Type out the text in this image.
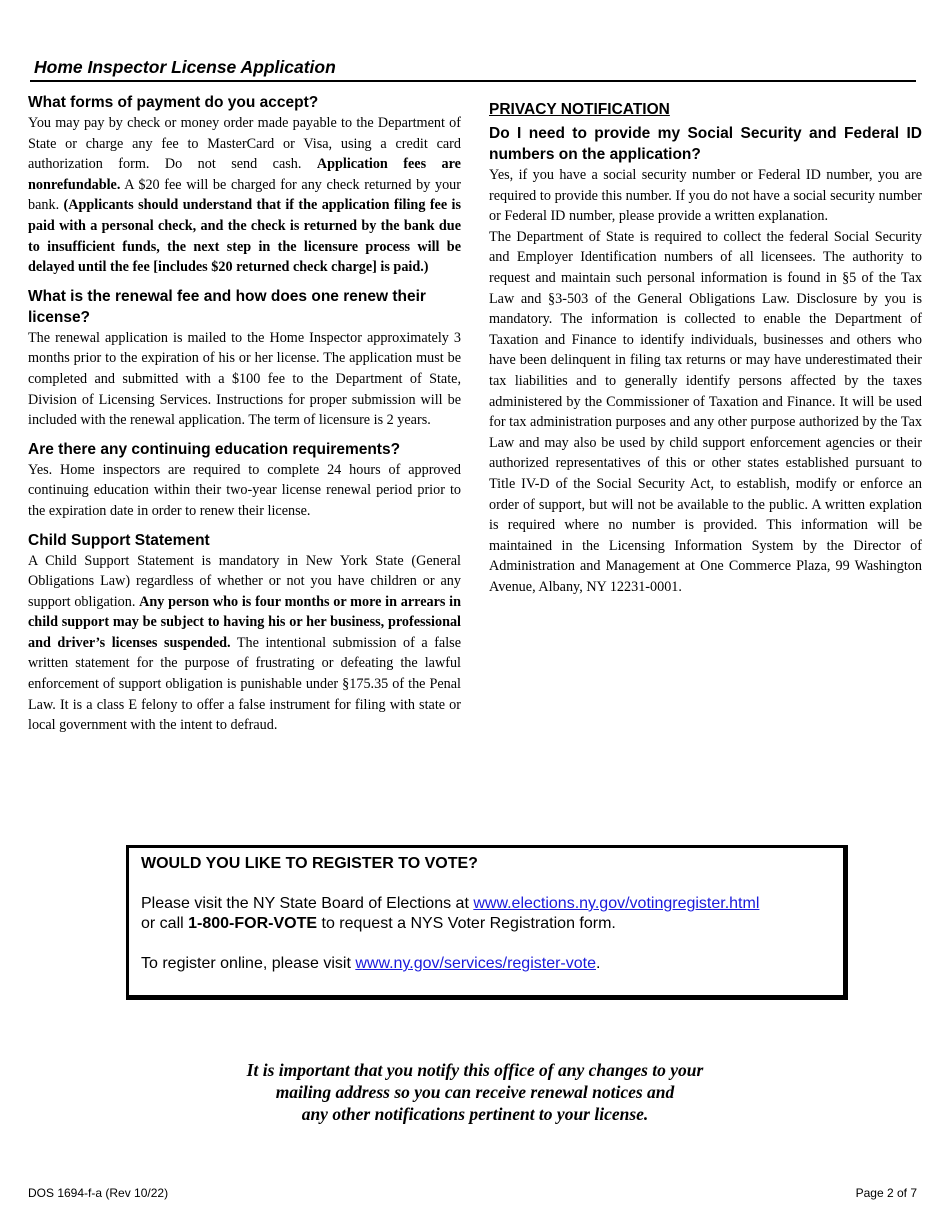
Home Inspector License Application

What forms of payment do you accept?

You may pay by check or money order made payable to the Department of State or charge any fee to MasterCard or Visa, using a credit card authorization form. Do not send cash. Application fees are nonrefundable. A $20 fee will be charged for any check returned by your bank. (Applicants should understand that if the application filing fee is paid with a personal check, and the check is returned by the bank due to insufficient funds, the next step in the licensure process will be delayed until the fee [includes $20 returned check charge] is paid.)

What is the renewal fee and how does one renew their license?

The renewal application is mailed to the Home Inspector approximately 3 months prior to the expiration of his or her license. The application must be completed and submitted with a $100 fee to the Department of State, Division of Licensing Services. Instructions for proper submission will be included with the renewal application. The term of licensure is 2 years.

Are there any continuing education requirements?

Yes. Home inspectors are required to complete 24 hours of approved continuing education within their two-year license renewal period prior to the expiration date in order to renew their license.

Child Support Statement

A Child Support Statement is mandatory in New York State (General Obligations Law) regardless of whether or not you have children or any support obligation. Any person who is four months or more in arrears in child support may be subject to having his or her business, professional and driver’s licenses suspended. The intentional submission of a false written statement for the purpose of frustrating or defeating the lawful enforcement of support obligation is punishable under §175.35 of the Penal Law. It is a class E felony to offer a false instrument for filing with state or local government with the intent to defraud.

PRIVACY NOTIFICATION

Do I need to provide my Social Security and Federal ID numbers on the application?

Yes, if you have a social security number or Federal ID number, you are required to provide this number. If you do not have a social security number or Federal ID number, please provide a written explanation.

The Department of State is required to collect the federal Social Security and Employer Identification numbers of all licensees. The authority to request and maintain such personal information is found in §5 of the Tax Law and §3-503 of the General Obligations Law. Disclosure by you is mandatory. The information is collected to enable the Department of Taxation and Finance to identify individuals, businesses and others who have been delinquent in filing tax returns or may have underestimated their tax liabilities and to generally identify persons affected by the taxes administered by the Commissioner of Taxation and Finance. It will be used for tax administration purposes and any other purpose authorized by the Tax Law and may also be used by child support enforcement agencies or their authorized representatives of this or other states established pursuant to Title IV-D of the Social Security Act, to establish, modify or enforce an order of support, but will not be available to the public. A written explation is required where no number is provided. This information will be maintained in the Licensing Information System by the Director of Administration and Management at One Commerce Plaza, 99 Washington Avenue, Albany, NY 12231-0001.

WOULD YOU LIKE TO REGISTER TO VOTE?
Please visit the NY State Board of Elections at www.elections.ny.gov/votingregister.html
or call 1-800-FOR-VOTE to request a NYS Voter Registration form.
To register online, please visit www.ny.gov/services/register-vote.
It is important that you notify this office of any changes to your
mailing address so you can receive renewal notices and
any other notifications pertinent to your license.
DOS 1694-f-a (Rev 10/22)	Page 2 of 7
